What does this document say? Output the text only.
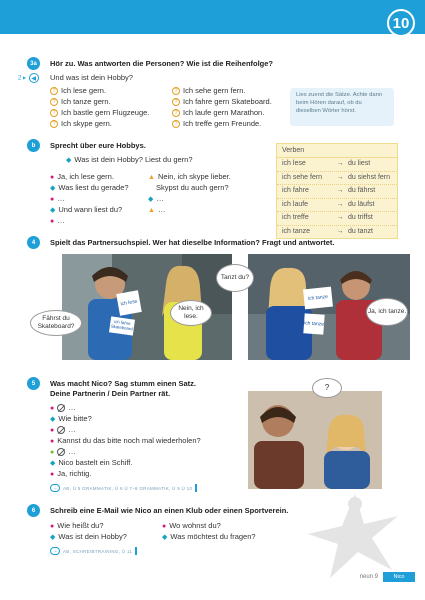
10
3a	Hör zu. Was antworten die Personen? Wie ist die Reihenfolge?
2 ▸ ◀	Und was ist dein Hobby?
? Ich lese gern.
? Ich tanze gern.
? Ich bastle gern Flugzeuge.
? Ich skype gern.
? Ich sehe gern fern.
? Ich fahre gern Skateboard.
? Ich laufe gern Marathon.
? Ich treffe gern Freunde.
Lies zuerst die Sätze. Achte dann beim Hören darauf, ob du dieselben Wörter hörst.
b	Sprecht über eure Hobbys.
◆ Was ist dein Hobby? Liest du gern?
● Ja, ich lese gern.
◆ Was liest du gerade?
● …
◆ Und wann liest du?
● …
▲ Nein, ich skype lieber.
Skypst du auch gern?
◆ …
▲ …
Verben
ich lese	→ du liest
ich sehe fern	→ du siehst fern
ich fahre	→ du fährst
ich laufe	→ du läufst
ich treffe	→ du triffst
ich tanze	→ du tanzt
4	Spielt das Partnersuchspiel. Wer hat dieselbe Information? Fragt und antwortet.
ich lese
ich fahre Skateboard
Fährst du Skateboard?
Nein, ich lese.
ich tanze
ich tanze
Tanzt du?
Ja, ich tanze.
5	Was macht Nico? Sag stumm einen Satz.
Deine Partnerin / Dein Partner rät.
● …
◆ Wie bitte?
● …
● Kannst du das bitte noch mal wiederholen?
● …
◆ Nico bastelt ein Schiff.
● Ja, richtig.
→	AB, Ü 5 GRAMMATIK, Ü 6 Ü 7–8 GRAMMATIK, Ü 9 Ü 10
?
6	Schreib eine E-Mail wie Nico an einen Klub oder einen Sportverein.
● Wie heißt du?
◆ Was ist dein Hobby?
● Wo wohnst du?
◆ Was möchtest du fragen?
→	AB, SCHREIBTRAINING, Ü 11
neun 9	Nico
